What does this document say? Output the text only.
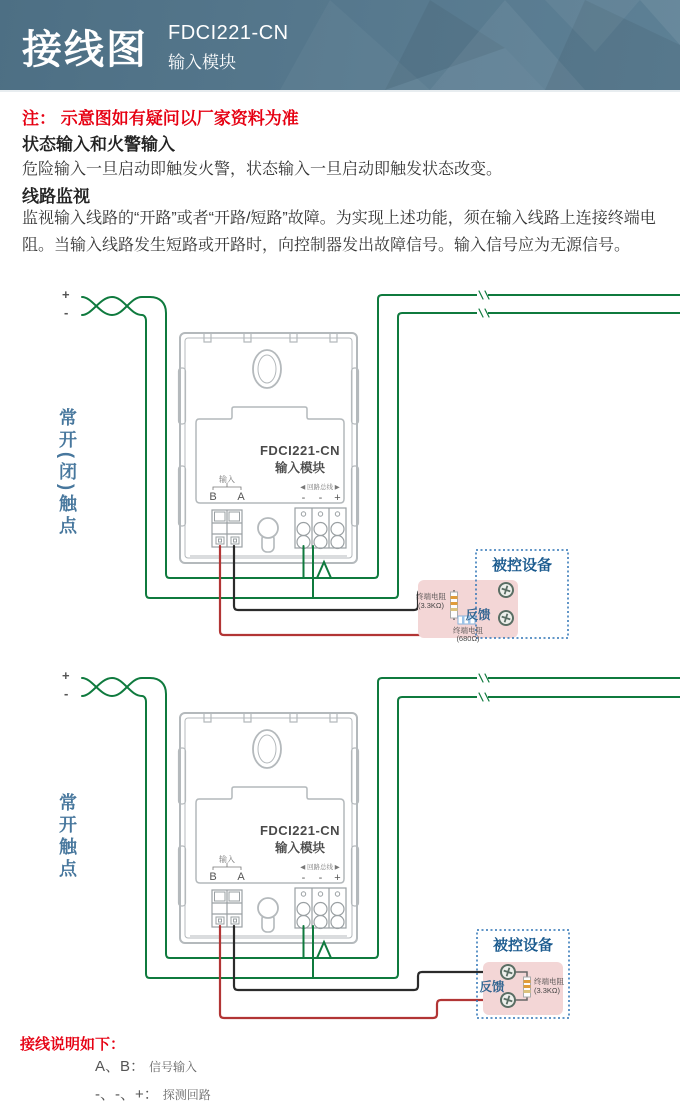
接线图 FDCI221-CN
输入模块
注： 示意图如有疑问以厂家资料为准
状态输入和火警输入
危险输入一旦启动即触发火警，状态输入一旦启动即触发状态改变。
线路监视
监视输入线路的“开路”或者“开路/短路”故障。为实现上述功能，须在输入线路上连接终端电阻。当输入线路发生短路或开路时，向控制器发出故障信号。输入信号应为无源信号。
FDCI221-CN
输入模块
输入
B A
◀ 回路总线 ▶
- - +
被控设备
终端电阻
(3.3KΩ)
终端电阻
(680Ω)
反馈
被控设备
终端电阻
(3.3KΩ)
反馈
+
-
常开(闭)触点
+
-
常开触点
接线说明如下：
A、B： 信号输入
-、-、+： 探测回路
